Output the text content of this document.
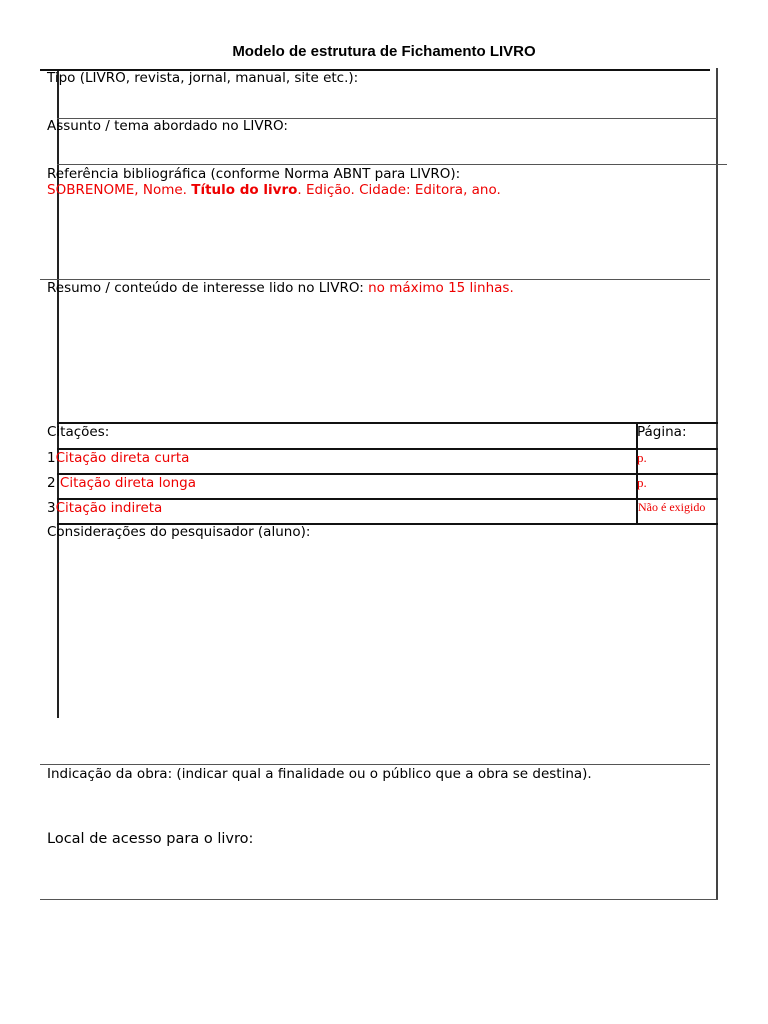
Modelo de estrutura de Fichamento LIVRO
Tipo (LIVRO, revista, jornal, manual, site etc.):
Assunto / tema abordado no LIVRO:
Referência bibliográfica (conforme Norma ABNT para LIVRO):
SOBRENOME, Nome. Título do livro. Edição. Cidade: Editora, ano.
Resumo / conteúdo de interesse lido no LIVRO: no máximo 15 linhas.
Citações:	Página:
1Citação direta curta	p.
2 Citação direta longa	p.
3Citação indireta	Não é exigido
Considerações do pesquisador (aluno):
Indicação da obra: (indicar qual a finalidade ou o público que a obra se destina).
Local de acesso para o livro:
